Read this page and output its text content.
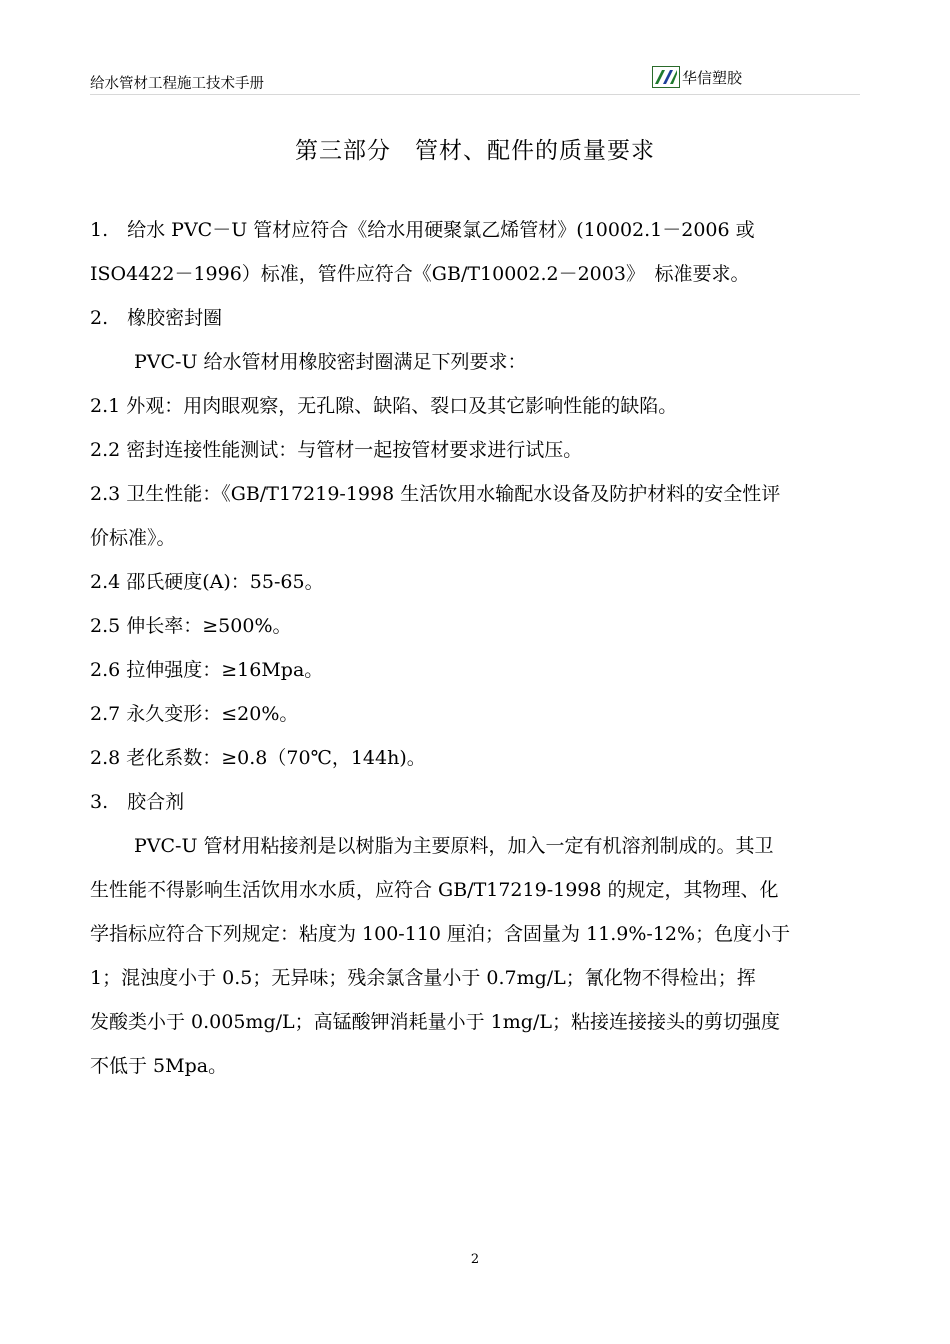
给水管材工程施工技术手册	华信塑胶
第三部分　管材、配件的质量要求
1.　给水 PVC－U 管材应符合《给水用硬聚氯乙烯管材》(10002.1－2006 或
ISO4422－1996）标准，管件应符合《GB/T10002.2－2003》　标准要求。
2.　橡胶密封圈
PVC-U 给水管材用橡胶密封圈满足下列要求：
2.1 外观：用肉眼观察，无孔隙、缺陷、裂口及其它影响性能的缺陷。
2.2 密封连接性能测试：与管材一起按管材要求进行试压。
2.3 卫生性能：《GB/T17219-1998 生活饮用水输配水设备及防护材料的安全性评
价标准》。
2.4 邵氏硬度(A)：55-65。
2.5 伸长率：≥500%。
2.6 拉伸强度：≥16Mpa。
2.7 永久变形：≤20%。
2.8 老化系数：≥0.8（70℃，144h)。
3.　胶合剂
PVC-U 管材用粘接剂是以树脂为主要原料，加入一定有机溶剂制成的。其卫
生性能不得影响生活饮用水水质，应符合 GB/T17219-1998 的规定，其物理、化
学指标应符合下列规定：粘度为 100-110 厘泊；含固量为 11.9%-12%；色度小于
1；混浊度小于 0.5；无异味；残余氯含量小于 0.7mg/L；氰化物不得检出；挥
发酸类小于 0.005mg/L；高锰酸钾消耗量小于 1mg/L；粘接连接接头的剪切强度
不低于 5Mpa。
2
